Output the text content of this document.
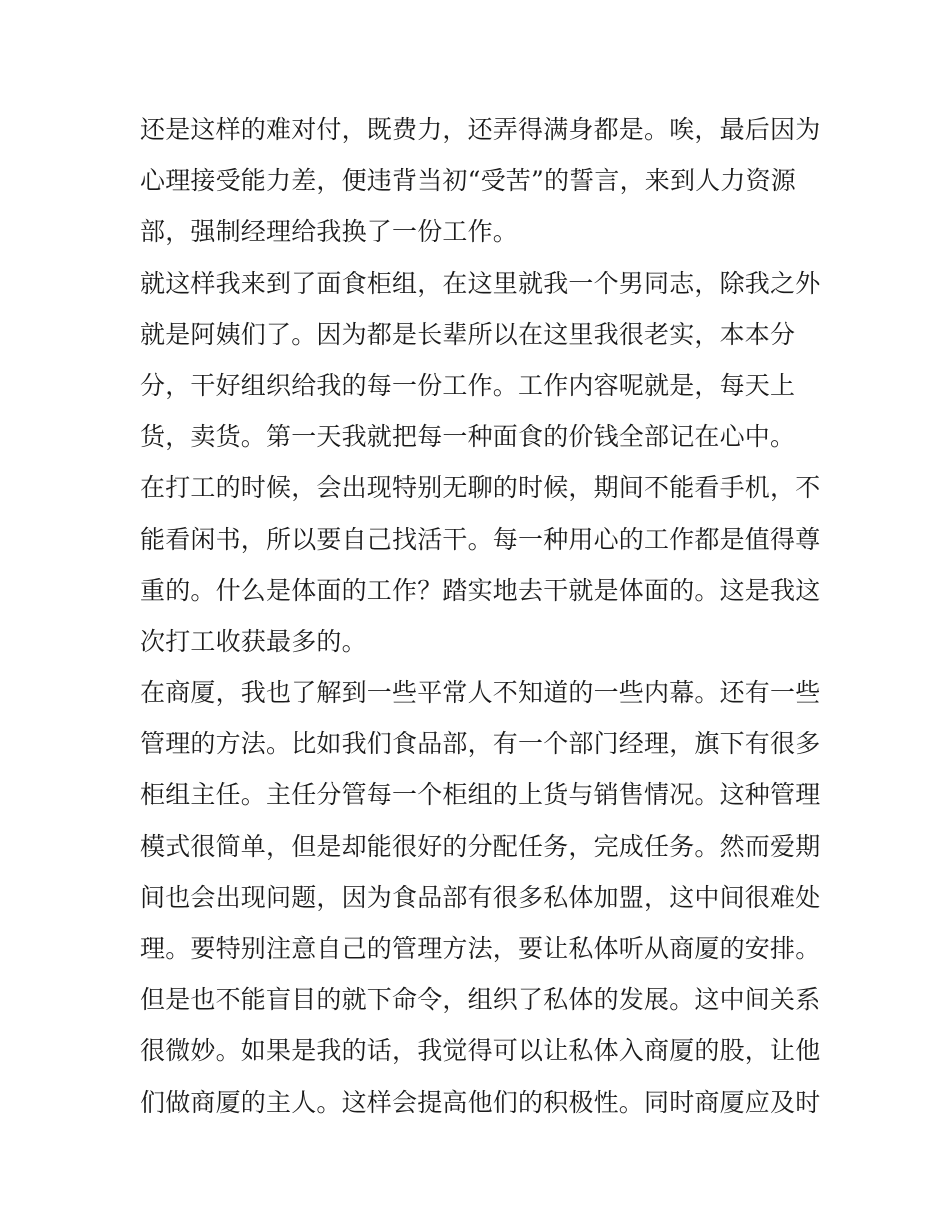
还是这样的难对付，既费力，还弄得满身都是。唉，最后因为
心理接受能力差，便违背当初“受苦”的誓言，来到人力资源
部，强制经理给我换了一份工作。
就这样我来到了面食柜组，在这里就我一个男同志，除我之外
就是阿姨们了。因为都是长辈所以在这里我很老实，本本分
分，干好组织给我的每一份工作。工作内容呢就是，每天上
货，卖货。第一天我就把每一种面食的价钱全部记在心中。
在打工的时候，会出现特别无聊的时候，期间不能看手机，不
能看闲书，所以要自己找活干。每一种用心的工作都是值得尊
重的。什么是体面的工作？踏实地去干就是体面的。这是我这
次打工收获最多的。
在商厦，我也了解到一些平常人不知道的一些内幕。还有一些
管理的方法。比如我们食品部，有一个部门经理，旗下有很多
柜组主任。主任分管每一个柜组的上货与销售情况。这种管理
模式很简单，但是却能很好的分配任务，完成任务。然而爱期
间也会出现问题，因为食品部有很多私体加盟，这中间很难处
理。要特别注意自己的管理方法，要让私体听从商厦的安排。
但是也不能盲目的就下命令，组织了私体的发展。这中间关系
很微妙。如果是我的话，我觉得可以让私体入商厦的股，让他
们做商厦的主人。这样会提高他们的积极性。同时商厦应及时
